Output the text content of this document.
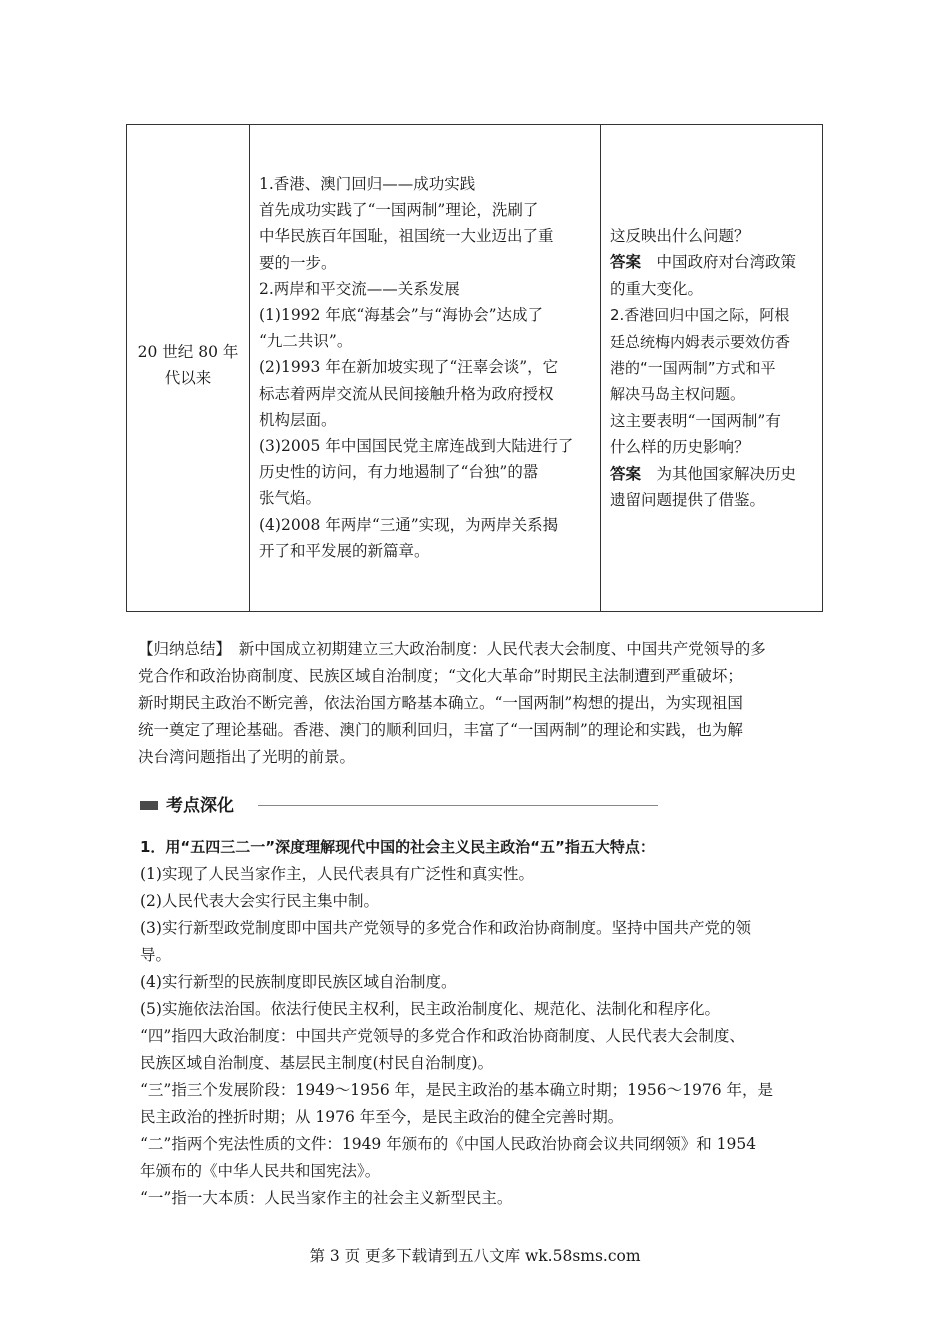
20 世纪 80 年
代以来
1.香港、澳门回归——成功实践
首先成功实践了“一国两制”理论，洗刷了
中华民族百年国耻，祖国统一大业迈出了重
要的一步。
2.两岸和平交流——关系发展
(1)1992 年底“海基会”与“海协会”达成了
“九二共识”。
(2)1993 年在新加坡实现了“汪辜会谈”，它
标志着两岸交流从民间接触升格为政府授权
机构层面。
(3)2005 年中国国民党主席连战到大陆进行了
历史性的访问，有力地遏制了“台独”的嚣
张气焰。
(4)2008 年两岸“三通”实现，为两岸关系揭
开了和平发展的新篇章。
这反映出什么问题？
答案　中国政府对台湾政策
的重大变化。
2.香港回归中国之际，阿根
廷总统梅内姆表示要效仿香
港的“一国两制”方式和平
解决马岛主权问题。
这主要表明“一国两制”有
什么样的历史影响？
答案　为其他国家解决历史
遗留问题提供了借鉴。
【归纳总结】　新中国成立初期建立三大政治制度：人民代表大会制度、中国共产党领导的多
党合作和政治协商制度、民族区域自治制度；“文化大革命”时期民主法制遭到严重破坏；
新时期民主政治不断完善，依法治国方略基本确立。“一国两制”构想的提出，为实现祖国
统一奠定了理论基础。香港、澳门的顺利回归，丰富了“一国两制”的理论和实践，也为解
决台湾问题指出了光明的前景。
考点深化
1．用“五四三二一”深度理解现代中国的社会主义民主政治“五”指五大特点：
(1)实现了人民当家作主，人民代表具有广泛性和真实性。
(2)人民代表大会实行民主集中制。
(3)实行新型政党制度即中国共产党领导的多党合作和政治协商制度。坚持中国共产党的领
导。
(4)实行新型的民族制度即民族区域自治制度。
(5)实施依法治国。依法行使民主权利，民主政治制度化、规范化、法制化和程序化。
“四”指四大政治制度：中国共产党领导的多党合作和政治协商制度、人民代表大会制度、
民族区域自治制度、基层民主制度(村民自治制度)。
“三”指三个发展阶段：1949～1956 年，是民主政治的基本确立时期；1956～1976 年，是
民主政治的挫折时期；从 1976 年至今，是民主政治的健全完善时期。
“二”指两个宪法性质的文件：1949 年颁布的《中国人民政治协商会议共同纲领》和 1954
年颁布的《中华人民共和国宪法》。
“一”指一大本质：人民当家作主的社会主义新型民主。
第 3 页 更多下载请到五八文库 wk.58sms.com
